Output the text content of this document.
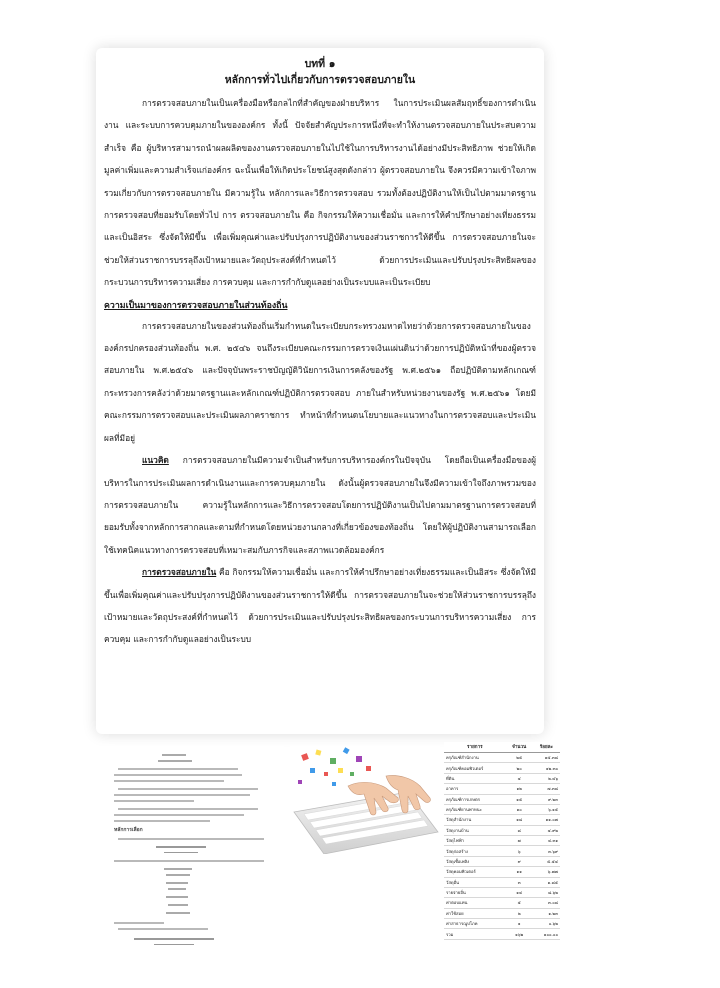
บทที่ ๑
หลักการทั่วไปเกี่ยวกับการตรวจสอบภายใน

การตรวจสอบภายในเป็นเครื่องมือหรือกลไกที่สำคัญของฝ่ายบริหาร ในการประเมินผลสัมฤทธิ์ของการดำเนินงาน และระบบการควบคุมภายในขององค์กร ทั้งนี้ ปัจจัยสำคัญประการหนึ่งที่จะทำให้งานตรวจสอบภายในประสบความสำเร็จ คือ ผู้บริหารสามารถนำผลผลิตของงานตรวจสอบภายในไปใช้ในการบริหารงานได้อย่างมีประสิทธิภาพ ช่วยให้เกิดมูลค่าเพิ่มและความสำเร็จแก่องค์กร ฉะนั้นเพื่อให้เกิดประโยชน์สูงสุดดังกล่าว ผู้ตรวจสอบภายใน จึงควรมีความเข้าใจภาพรวมเกี่ยวกับการตรวจสอบภายใน มีความรู้ใน หลักการและวิธีการตรวจสอบ รวมทั้งต้องปฏิบัติงานให้เป็นไปตามมาตรฐานการตรวจสอบที่ยอมรับโดยทั่วไป การ ตรวจสอบภายใน คือ กิจกรรมให้ความเชื่อมั่น และการให้คำปรึกษาอย่างเที่ยงธรรมและเป็นอิสระ ซึ่งจัดให้มีขึ้น เพื่อเพิ่มคุณค่าและปรับปรุงการปฏิบัติงานของส่วนราชการให้ดีขึ้น การตรวจสอบภายในจะช่วยให้ส่วนราชการบรรลุถึงเป้าหมายและวัตถุประสงค์ที่กำหนดไว้ ด้วยการประเมินและปรับปรุงประสิทธิผลของกระบวนการบริหารความเสี่ยง การควบคุม และการกำกับดูแลอย่างเป็นระบบและเป็นระเบียบ

ความเป็นมาของการตรวจสอบภายในส่วนท้องถิ่น

การตรวจสอบภายในของส่วนท้องถิ่นเริ่มกำหนดในระเบียบกระทรวงมหาดไทยว่าด้วยการตรวจสอบภายในขององค์กรปกครองส่วนท้องถิ่น พ.ศ. ๒๕๔๖ จนถึงระเบียบคณะกรรมการตรวจเงินแผ่นดินว่าด้วยการปฏิบัติหน้าที่ของผู้ตรวจสอบภายใน พ.ศ.๒๕๔๖ และปัจจุบันพระราชบัญญัติวินัยการเงินการคลังของรัฐ พ.ศ.๒๕๖๑ ถือปฏิบัติตามหลักเกณฑ์กระทรวงการคลังว่าด้วยมาตรฐานและหลักเกณฑ์ปฏิบัติการตรวจสอบ ภายในสำหรับหน่วยงานของรัฐ พ.ศ.๒๕๖๑ โดยมีคณะกรรมการตรวจสอบและประเมินผลภาคราชการ ทำหน้าที่กำหนดนโยบายและแนวทางในการตรวจสอบและประเมินผลที่มีอยู่

แนวคิด การตรวจสอบภายในมีความจำเป็นสำหรับการบริหารองค์กรในปัจจุบัน โดยถือเป็นเครื่องมือของผู้บริหารในการประเมินผลการดำเนินงานและการควบคุมภายใน ดังนั้นผู้ตรวจสอบภายในจึงมีความเข้าใจถึงภาพรวมของการตรวจสอบภายใน ความรู้ในหลักการและวิธีการตรวจสอบโดยการปฏิบัติงานเป็นไปตามมาตรฐานการตรวจสอบที่ยอมรับทั้งจากหลักการสากลและตามที่กำหนดโดยหน่วยงานกลางที่เกี่ยวข้องของท้องถิ่น โดยให้ผู้ปฏิบัติงานสามารถเลือกใช้เทคนิคแนวทางการตรวจสอบที่เหมาะสมกับภารกิจและสภาพแวดล้อมองค์กร

การตรวจสอบภายใน คือ กิจกรรมให้ความเชื่อมั่น และการให้คำปรึกษาอย่างเที่ยงธรรมและเป็นอิสระ ซึ่งจัดให้มีขึ้นเพื่อเพิ่มคุณค่าและปรับปรุงการปฏิบัติงานของส่วนราชการให้ดีขึ้น การตรวจสอบภายในจะช่วยให้ส่วนราชการบรรลุถึงเป้าหมายและวัตถุประสงค์ที่กำหนดไว้ ด้วยการประเมินและปรับปรุงประสิทธิผลของกระบวนการบริหารความเสี่ยง การควบคุม และการกำกับดูแลอย่างเป็นระบบ

หลักการเลือก
รายการ	จำนวน	ร้อยละ
ครุภัณฑ์สำนักงาน	๒๕	๑๕.๓๘
ครุภัณฑ์คอมพิวเตอร์	๒๐	๑๒.๓๐
ที่ดิน	๔	๒.๔๖
อาคาร	๑๒	๗.๓๘
ครุภัณฑ์การเกษตร	๑๕	๙.๒๓
ครุภัณฑ์ยานพาหนะ	๑๐	๖.๑๕
วัสดุสำนักงาน	๑๘	๑๑.๐๗
วัสดุงานบ้าน	๘	๔.๙๒
วัสดุไฟฟ้า	๗	๔.๓๑
วัสดุก่อสร้าง	๖	๓.๖๙
วัสดุเชื้อเพลิง	๙	๕.๕๔
วัสดุคอมพิวเตอร์	๑๑	๖.๗๗
วัสดุอื่น	๓	๑.๘๕
รายจ่ายอื่น	๑๔	๘.๖๒
ค่าตอบแทน	๕	๓.๐๘
ค่าใช้สอย	๒	๑.๒๓
ค่าสาธารณูปโภค	๑	๐.๖๒
รวม	๑๖๒	๑๐๐.๐๐
